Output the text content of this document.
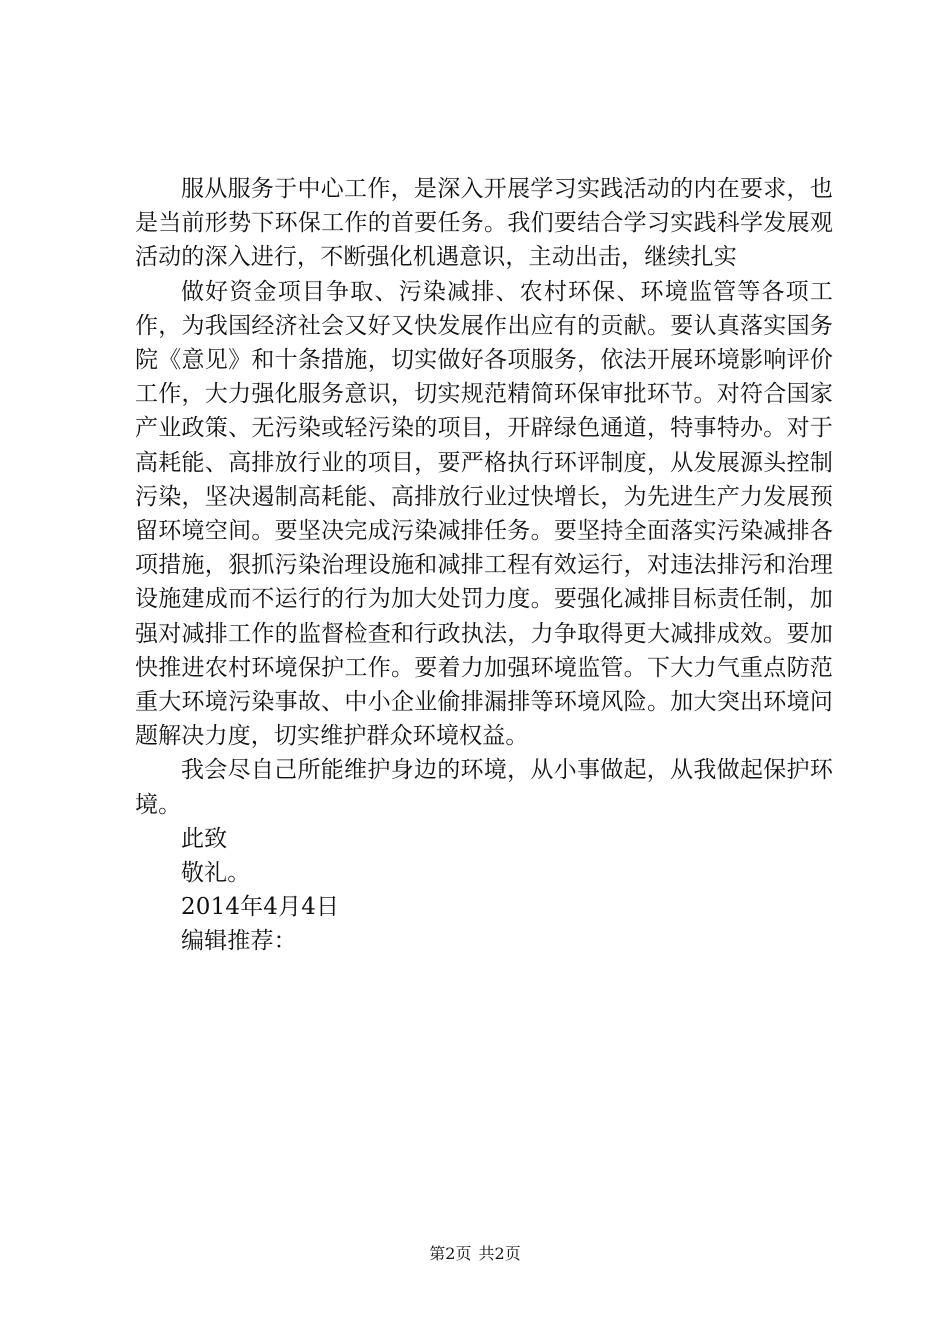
服从服务于中心工作，是深入开展学习实践活动的内在要求，也是当前形势下环保工作的首要任务。我们要结合学习实践科学发展观活动的深入进行，不断强化机遇意识，主动出击，继续扎实

做好资金项目争取、污染减排、农村环保、环境监管等各项工作，为我国经济社会又好又快发展作出应有的贡献。要认真落实国务院《意见》和十条措施，切实做好各项服务，依法开展环境影响评价工作，大力强化服务意识，切实规范精简环保审批环节。对符合国家产业政策、无污染或轻污染的项目，开辟绿色通道，特事特办。对于高耗能、高排放行业的项目，要严格执行环评制度，从发展源头控制污染，坚决遏制高耗能、高排放行业过快增长，为先进生产力发展预留环境空间。要坚决完成污染减排任务。要坚持全面落实污染减排各项措施，狠抓污染治理设施和减排工程有效运行，对违法排污和治理设施建成而不运行的行为加大处罚力度。要强化减排目标责任制，加强对减排工作的监督检查和行政执法，力争取得更大减排成效。要加快推进农村环境保护工作。要着力加强环境监管。下大力气重点防范重大环境污染事故、中小企业偷排漏排等环境风险。加大突出环境问题解决力度，切实维护群众环境权益。

我会尽自己所能维护身边的环境，从小事做起，从我做起保护环境。

此致

敬礼。

2014年4月4日

编辑推荐：

第2页 共2页
